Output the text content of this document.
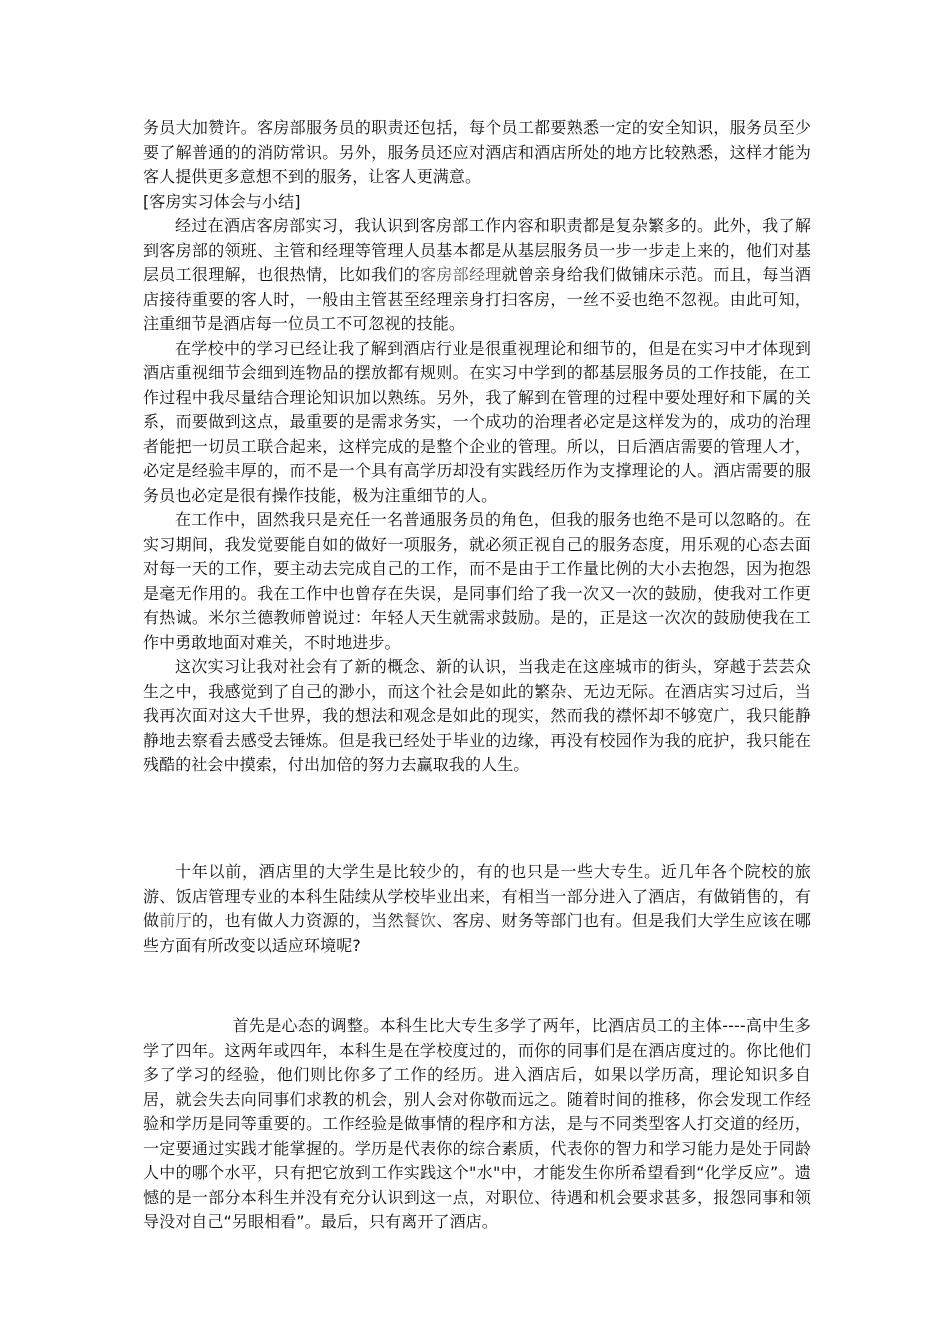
务员大加赞许。客房部服务员的职责还包括，每个员工都要熟悉一定的安全知识，服务员至少要了解普通的的消防常识。另外，服务员还应对酒店和酒店所处的地方比较熟悉，这样才能为客人提供更多意想不到的服务，让客人更满意。

[客房实习体会与小结]

经过在酒店客房部实习，我认识到客房部工作内容和职责都是复杂繁多的。此外，我了解到客房部的领班、主管和经理等管理人员基本都是从基层服务员一步一步走上来的，他们对基层员工很理解，也很热情，比如我们的客房部经理就曾亲身给我们做铺床示范。而且，每当酒店接待重要的客人时，一般由主管甚至经理亲身打扫客房，一丝不妥也绝不忽视。由此可知，注重细节是酒店每一位员工不可忽视的技能。

在学校中的学习已经让我了解到酒店行业是很重视理论和细节的，但是在实习中才体现到酒店重视细节会细到连物品的摆放都有规则。在实习中学到的都基层服务员的工作技能，在工作过程中我尽量结合理论知识加以熟练。另外，我了解到在管理的过程中要处理好和下属的关系，而要做到这点，最重要的是需求务实，一个成功的治理者必定是这样发为的，成功的治理者能把一切员工联合起来，这样完成的是整个企业的管理。所以，日后酒店需要的管理人才，必定是经验丰厚的，而不是一个具有高学历却没有实践经历作为支撑理论的人。酒店需要的服务员也必定是很有操作技能，极为注重细节的人。

在工作中，固然我只是充任一名普通服务员的角色，但我的服务也绝不是可以忽略的。在实习期间，我发觉要能自如的做好一项服务，就必须正视自己的服务态度，用乐观的心态去面对每一天的工作，要主动去完成自己的工作，而不是由于工作量比例的大小去抱怨，因为抱怨是毫无作用的。我在工作中也曾存在失误，是同事们给了我一次又一次的鼓励，使我对工作更有热诚。米尔兰德教师曾说过：年轻人天生就需求鼓励。是的，正是这一次次的鼓励使我在工作中勇敢地面对难关，不时地进步。

这次实习让我对社会有了新的概念、新的认识，当我走在这座城市的街头，穿越于芸芸众生之中，我感觉到了自己的渺小，而这个社会是如此的繁杂、无边无际。在酒店实习过后，当我再次面对这大千世界，我的想法和观念是如此的现实，然而我的襟怀却不够宽广，我只能静静地去察看去感受去锤炼。但是我已经处于毕业的边缘，再没有校园作为我的庇护，我只能在残酷的社会中摸索，付出加倍的努力去赢取我的人生。

十年以前，酒店里的大学生是比较少的，有的也只是一些大专生。近几年各个院校的旅游、饭店管理专业的本科生陆续从学校毕业出来，有相当一部分进入了酒店，有做销售的，有做前厅的，也有做人力资源的，当然餐饮、客房、财务等部门也有。但是我们大学生应该在哪些方面有所改变以适应环境呢?

首先是心态的调整。本科生比大专生多学了两年，比酒店员工的主体----高中生多学了四年。这两年或四年，本科生是在学校度过的，而你的同事们是在酒店度过的。你比他们多了学习的经验，他们则比你多了工作的经历。进入酒店后，如果以学历高，理论知识多自居，就会失去向同事们求教的机会，别人会对你敬而远之。随着时间的推移，你会发现工作经验和学历是同等重要的。工作经验是做事情的程序和方法，是与不同类型客人打交道的经历，一定要通过实践才能掌握的。学历是代表你的综合素质，代表你的智力和学习能力是处于同龄人中的哪个水平，只有把它放到工作实践这个"水"中，才能发生你所希望看到“化学反应”。遗憾的是一部分本科生并没有充分认识到这一点，对职位、待遇和机会要求甚多，报怨同事和领导没对自己“另眼相看”。最后，只有离开了酒店。
